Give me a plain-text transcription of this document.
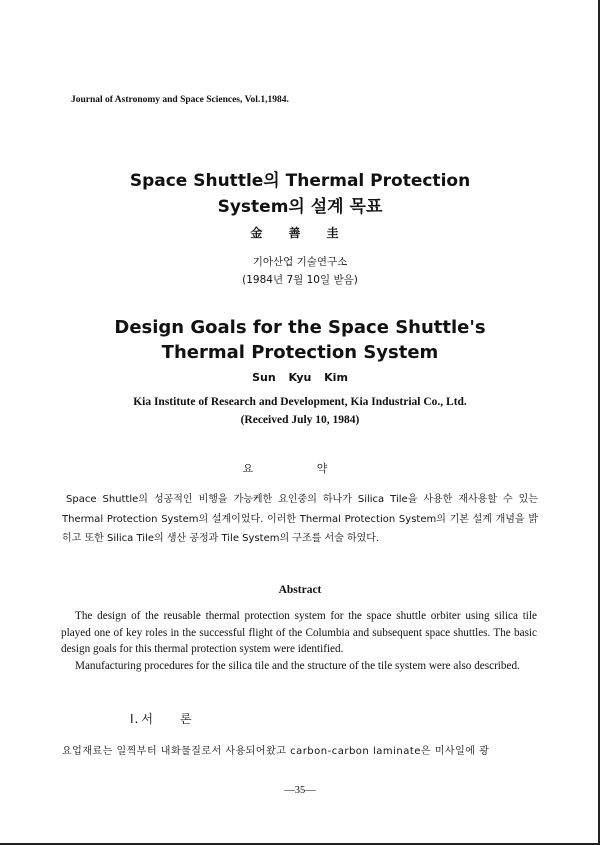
Journal of Astronomy and Space Sciences, Vol.1,1984.
Space Shuttle의 Thermal Protection
System의 설계 목표
金 善 圭
기아산업 기술연구소
(1984년 7월 10일 받음)
Design Goals for the Space Shuttle's
Thermal Protection System
Sun Kyu Kim
Kia Institute of Research and Development, Kia Industrial Co., Ltd.
(Received July 10, 1984)
요 약

Space Shuttle의 성공적인 비행을 가능케한 요인중의 하나가 Silica Tile을 사용한 재사용할 수 있는 Thermal Protection System의 설계이었다. 이러한 Thermal Protection System의 기본 설계 개념을 밝히고 또한 Silica Tile의 생산 공정과 Tile System의 구조를 서술 하였다.

Abstract

The design of the reusable thermal protection system for the space shuttle orbiter using silica tile played one of key roles in the successful flight of the Columbia and subsequent space shuttles. The basic design goals for this thermal protection system were identified.

Manufacturing procedures for the silica tile and the structure of the tile system were also described.

I. 서 론

요업재료는 일찍부터 내화물질로서 사용되어왔고 carbon-carbon laminate은 미사일에 광

—35—
